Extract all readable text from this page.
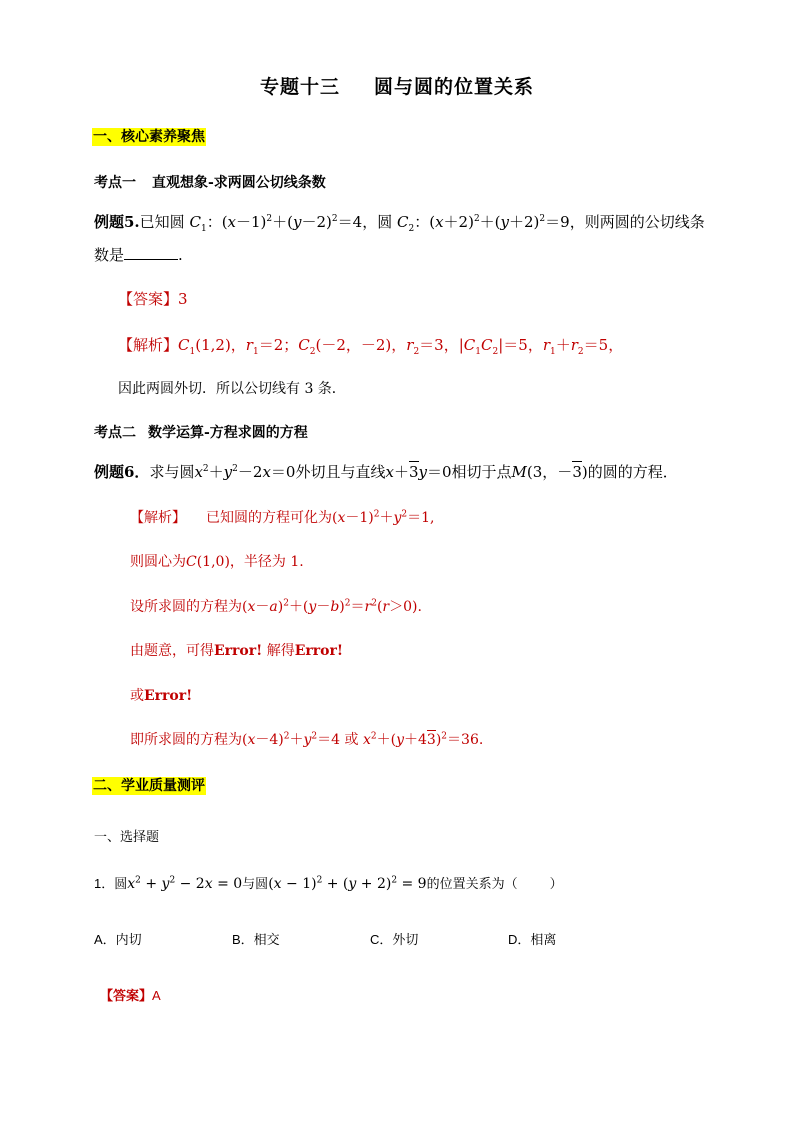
专题十三 圆与圆的位置关系
一、核心素养聚焦
考点一 直观想象-求两圆公切线条数
例题5.已知圆 $C_1$：$(x-1)^2+(y-2)^2=4$，圆 $C_2$：$(x+2)^2+(y+2)^2=9$，则两圆的公切线条
数是	.
【答案】3
【解析】$C_1(1,2)$，$r_1=2$；$C_2(-2$，－2)，$r_2=3$，$|C_1C_2|=5$，$r_1+r_2=5$，
因此两圆外切．所以公切线有 3 条．
考点二 数学运算-方程求圆的方程
例题6．求与圆$x^2+y^2-2x=0$外切且与直线x＋3y＝0相切于点M(3，－3)的圆的方程．
【解析】 已知圆的方程可化为$(x-1)^2+y^2=1$,
则圆心为C(1,0)，半径为 1.
设所求圆的方程为$(x-a)^2+(y-b)^2=r^2(r>0)$.
由题意，可得Error! 解得Error!
或Error!
即所求圆的方程为$(x-4)^2+y^2=4$ 或 $x^2+(y+43)^2=36$.
二、学业质量测评
一、选择题
1．圆$x^2 + y^2 - 2x = 0$与圆$(x - 1)^2 + (y + 2)^2 = 9$的位置关系为（ ）
A．内切	B．相交	C．外切	D．相离
【答案】A
